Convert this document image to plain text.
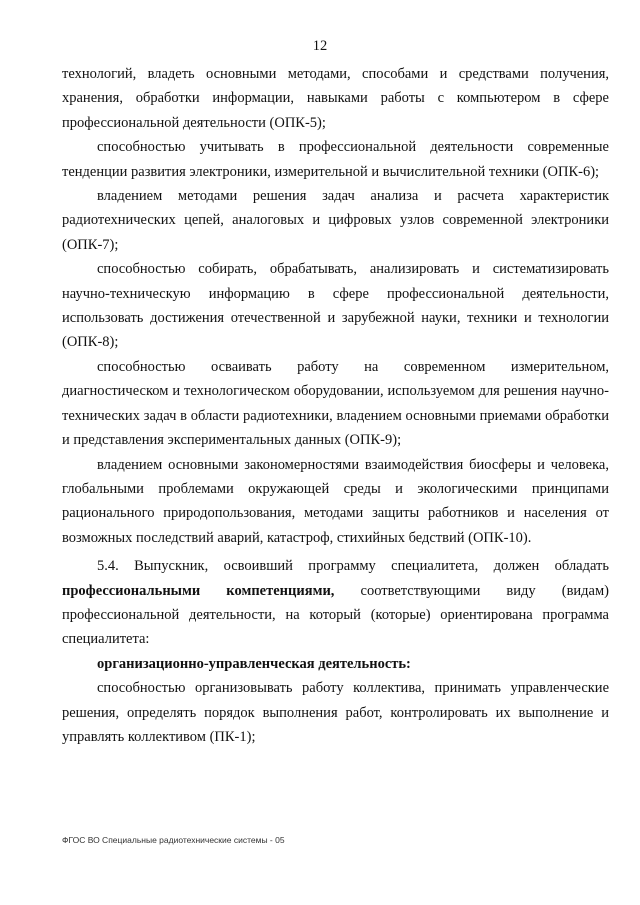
12

технологий, владеть основными методами, способами и средствами получения, хранения, обработки информации, навыками работы с компьютером в сфере профессиональной деятельности (ОПК-5);

способностью учитывать в профессиональной деятельности современные тенденции развития электроники, измерительной и вычислительной техники (ОПК-6);

владением методами решения задач анализа и расчета характеристик радиотехнических цепей, аналоговых и цифровых узлов современной электроники (ОПК-7);

способностью собирать, обрабатывать, анализировать и систематизировать научно-техническую информацию в сфере профессиональной деятельности, использовать достижения отечественной и зарубежной науки, техники и технологии (ОПК-8);

способностью осваивать работу на современном измерительном, диагностическом и технологическом оборудовании, используемом для решения научно-технических задач в области радиотехники, владением основными приемами обработки и представления экспериментальных данных (ОПК-9);

владением основными закономерностями взаимодействия биосферы и человека, глобальными проблемами окружающей среды и экологическими принципами рационального природопользования, методами защиты работников и населения от возможных последствий аварий, катастроф, стихийных бедствий (ОПК-10).

5.4. Выпускник, освоивший программу специалитета, должен обладать профессиональными компетенциями, соответствующими виду (видам) профессиональной деятельности, на который (которые) ориентирована программа специалитета:

организационно-управленческая деятельность:

способностью организовывать работу коллектива, принимать управленческие решения, определять порядок выполнения работ, контролировать их выполнение и управлять коллективом (ПК-1);

ФГОС ВО Специальные радиотехнические системы - 05
